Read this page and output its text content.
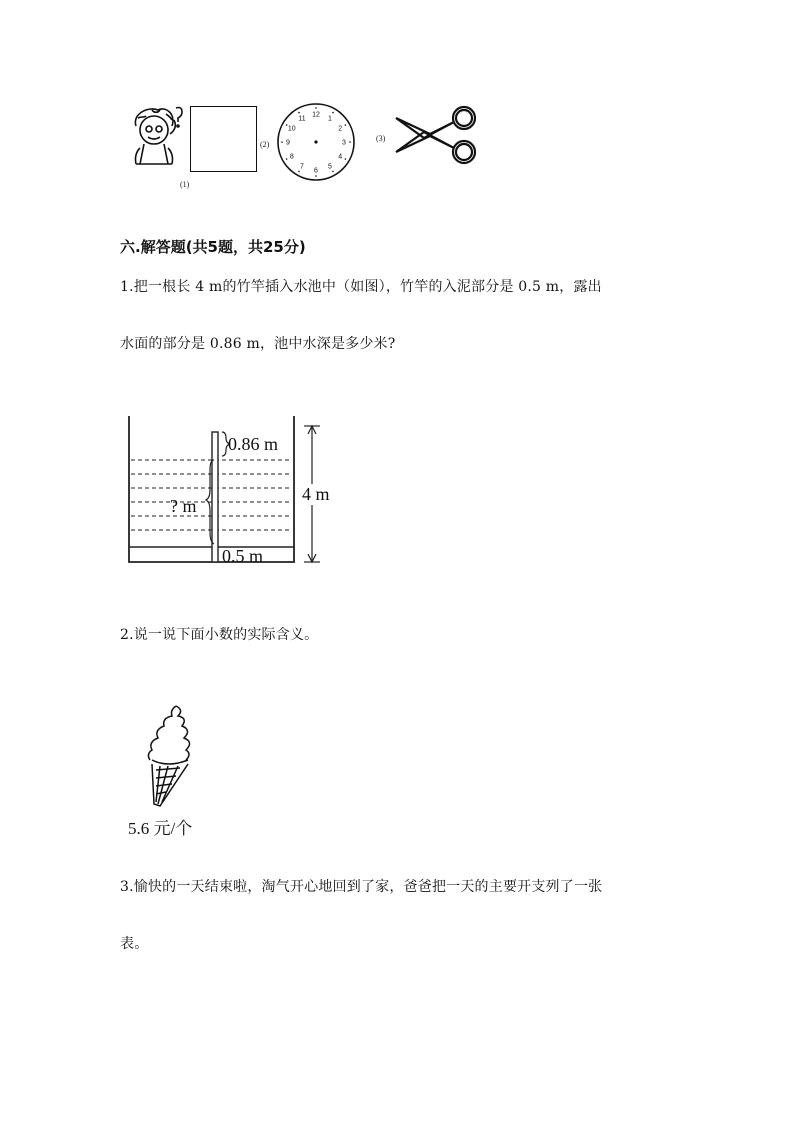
(1)
(2)
12
1
2
3
4
5
6
7
8
9
10
11
(3)
六.解答题(共5题，共25分)
1.把一根长 4 m的竹竿插入水池中（如图），竹竿的入泥部分是 0.5 m，露出
水面的部分是 0.86 m，池中水深是多少米?
0.86 m
? m
4 m
0.5 m
2.说一说下面小数的实际含义。
5.6 元/个
3.愉快的一天结束啦，淘气开心地回到了家，爸爸把一天的主要开支列了一张
表。
